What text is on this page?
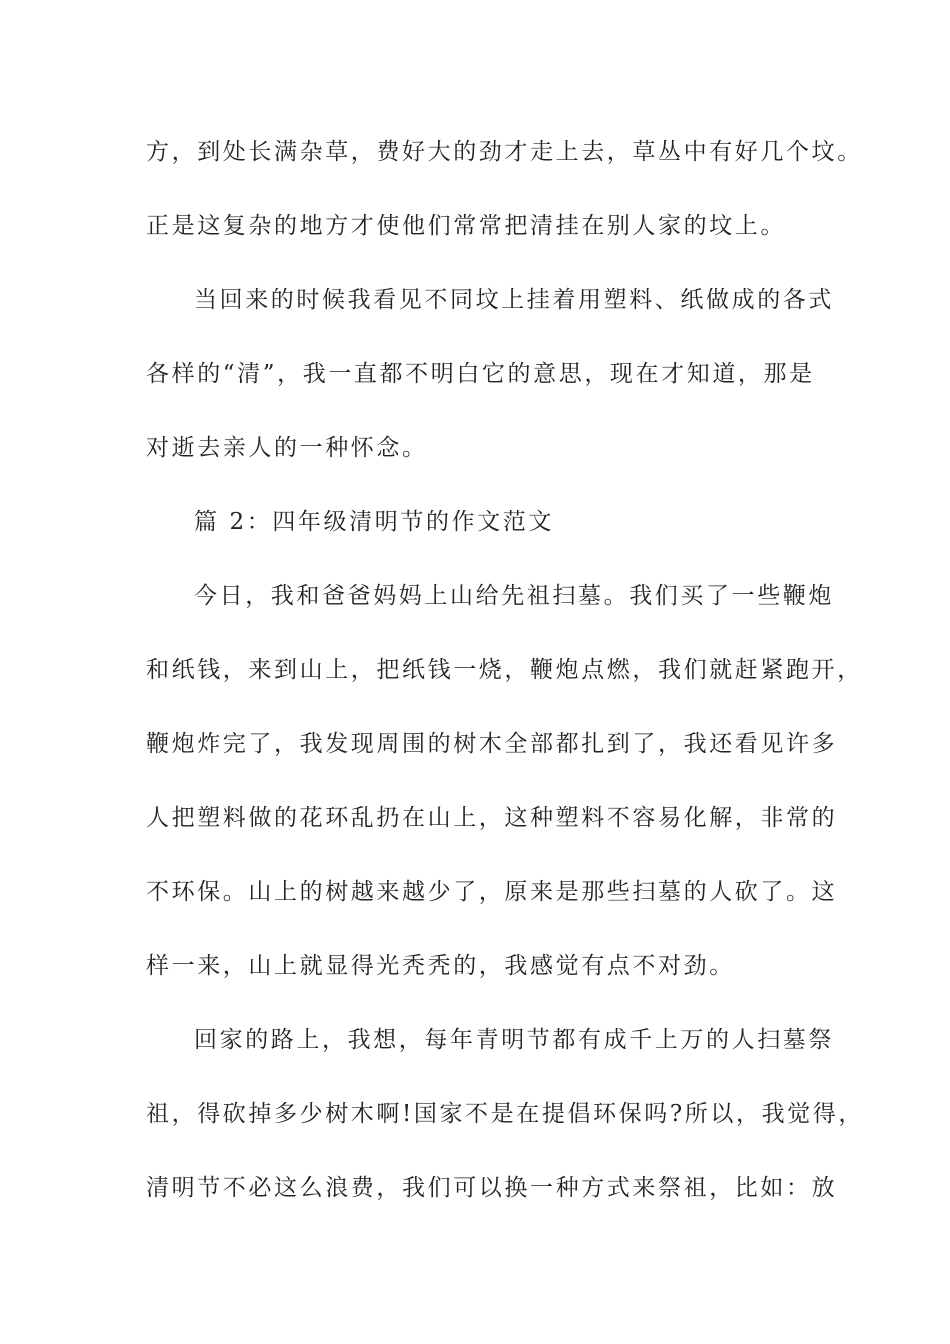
方，到处长满杂草，费好大的劲才走上去，草丛中有好几个坟。
正是这复杂的地方才使他们常常把清挂在别人家的坟上。
当回来的时候我看见不同坟上挂着用塑料、纸做成的各式
各样的“清”，我一直都不明白它的意思，现在才知道，那是
对逝去亲人的一种怀念。
篇 2：四年级清明节的作文范文
今日，我和爸爸妈妈上山给先祖扫墓。我们买了一些鞭炮
和纸钱，来到山上，把纸钱一烧，鞭炮点燃，我们就赶紧跑开，
鞭炮炸完了，我发现周围的树木全部都扎到了，我还看见许多
人把塑料做的花环乱扔在山上，这种塑料不容易化解，非常的
不环保。山上的树越来越少了，原来是那些扫墓的人砍了。这
样一来，山上就显得光秃秃的，我感觉有点不对劲。
回家的路上，我想，每年青明节都有成千上万的人扫墓祭
祖，得砍掉多少树木啊!国家不是在提倡环保吗?所以，我觉得，
清明节不必这么浪费，我们可以换一种方式来祭祖，比如：放
